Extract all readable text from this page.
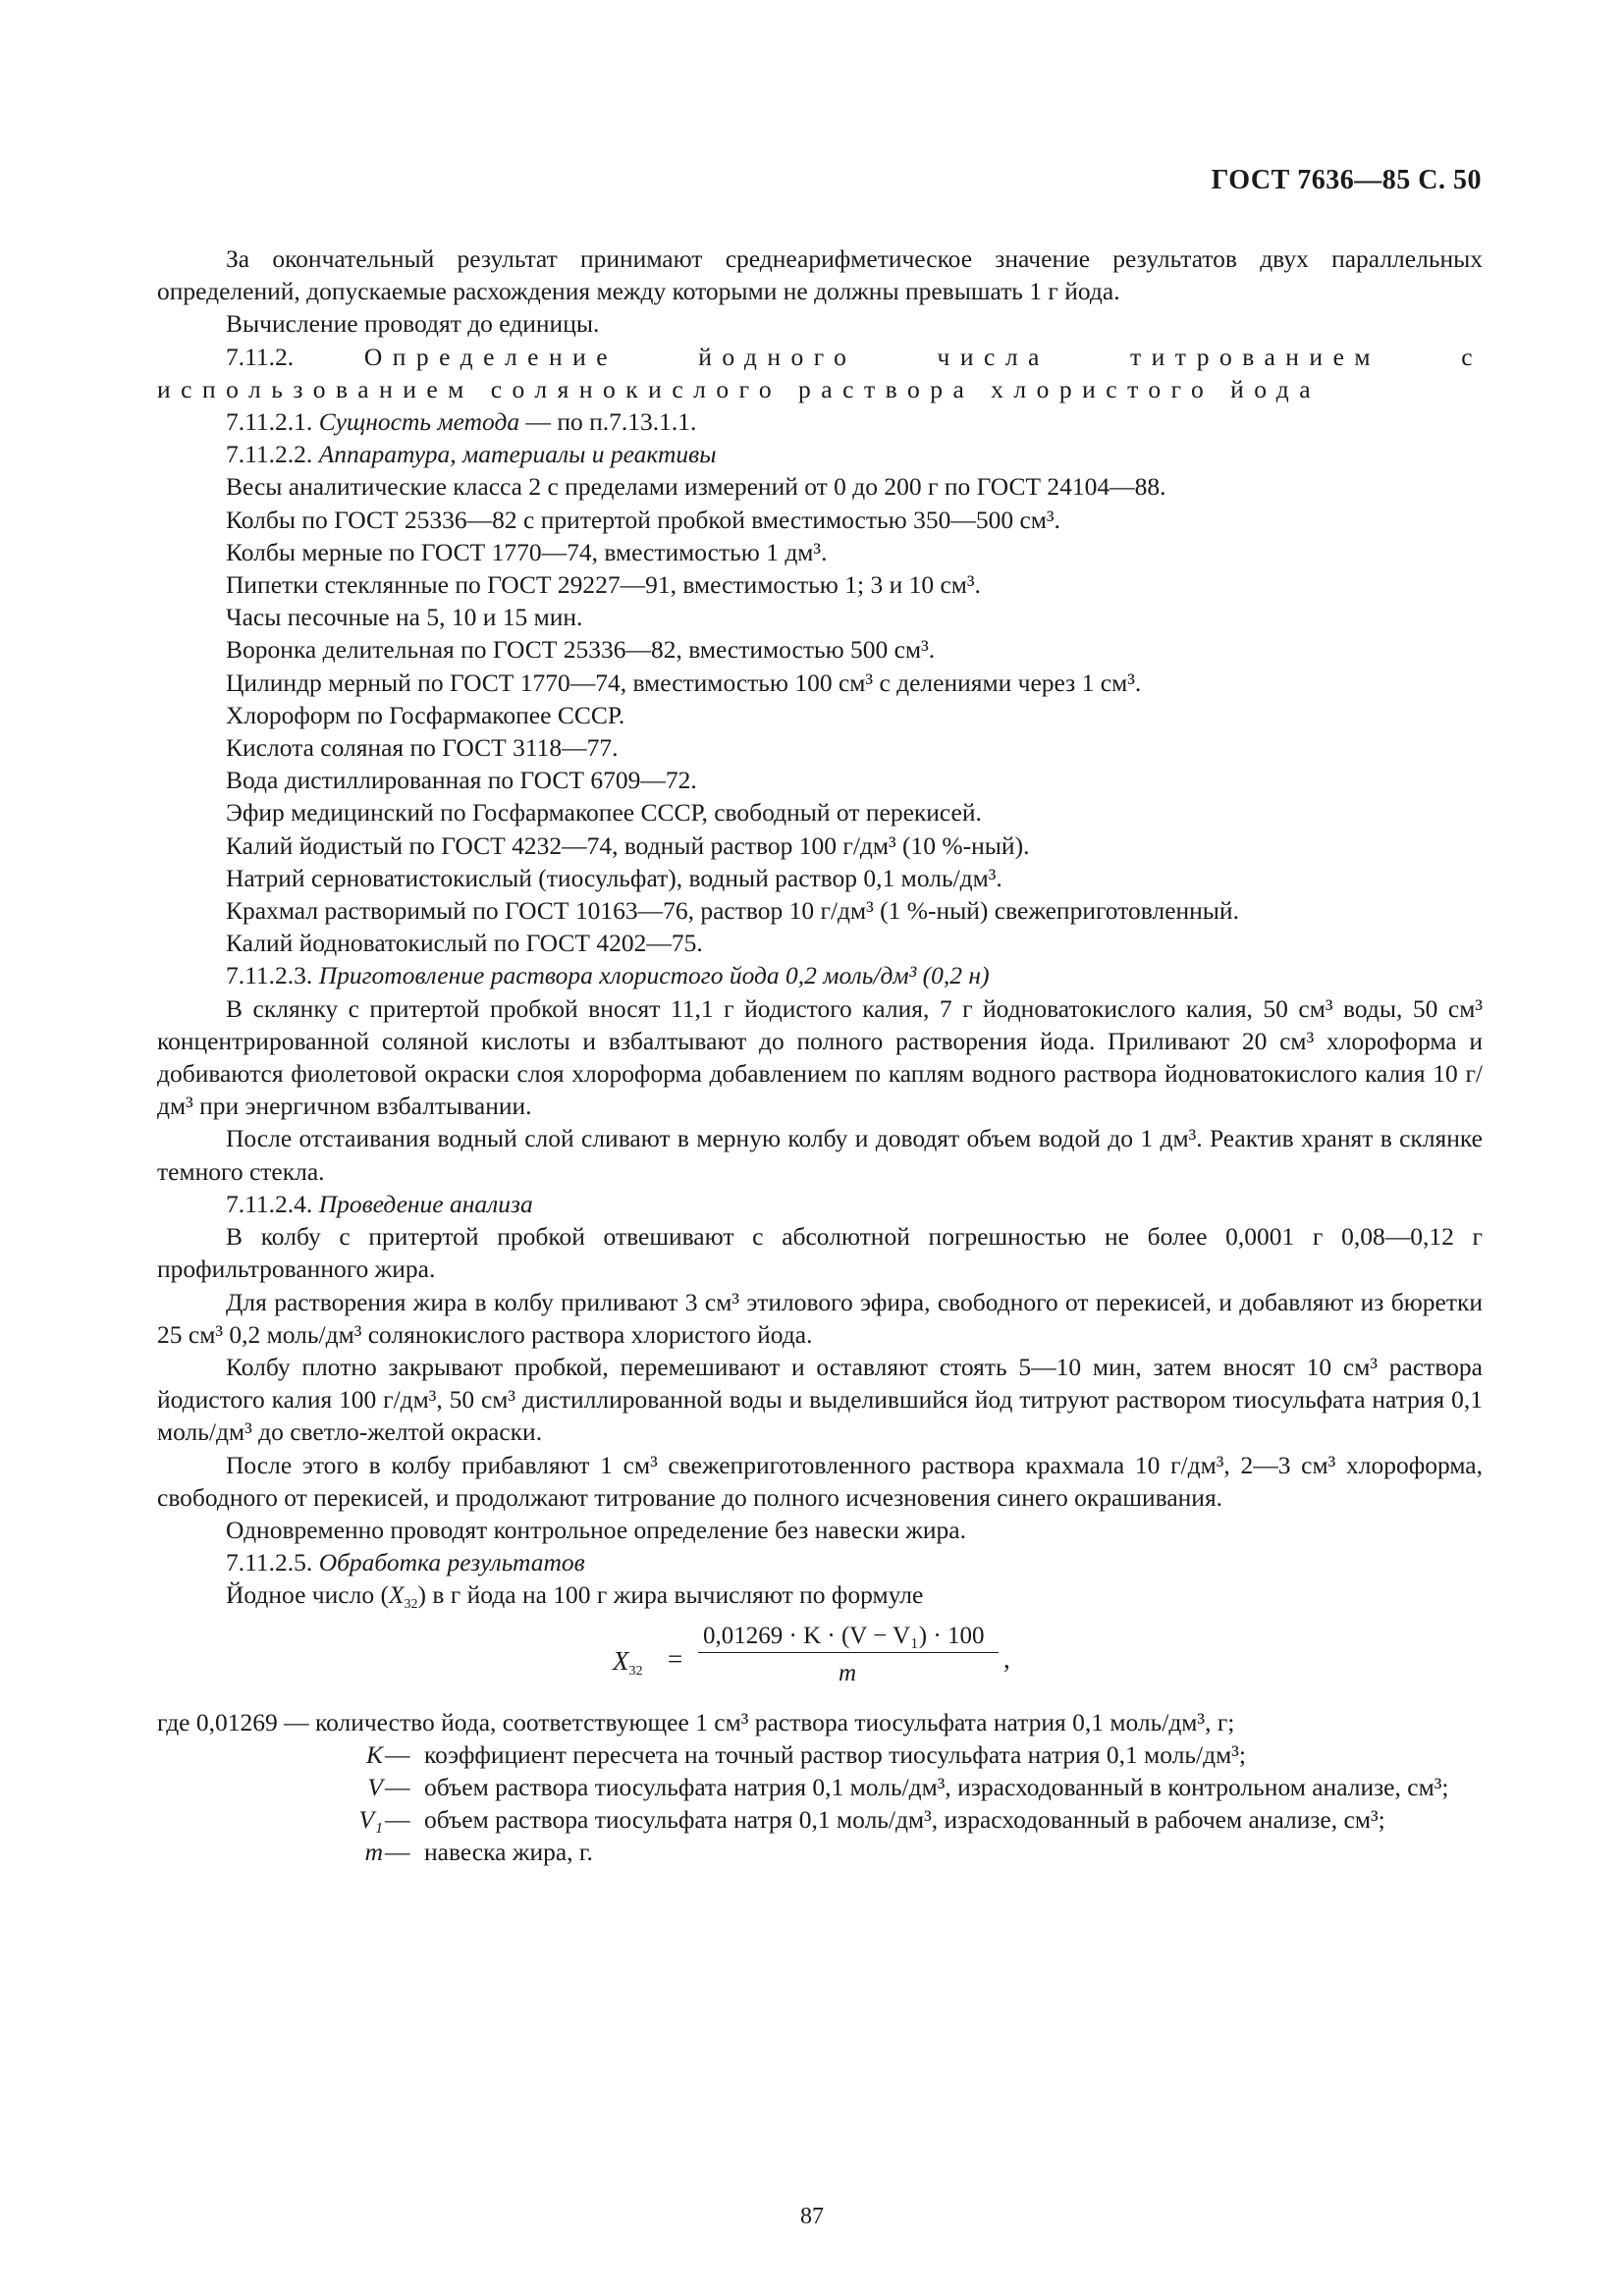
ГОСТ 7636—85 С. 50

За окончательный результат принимают среднеарифметическое значение результатов двух параллельных определений, допускаемые расхождения между которыми не должны превышать 1 г йода.

Вычисление проводят до единицы.

7.11.2.	Определение йодного числа титрованием с использованием солянокислого раствора хлористого йода

7.11.2.1. Сущность метода — по п.7.13.1.1.

7.11.2.2. Аппаратура, материалы и реактивы

Весы аналитические класса 2 с пределами измерений от 0 до 200 г по ГОСТ 24104—88.

Колбы по ГОСТ 25336—82 с притертой пробкой вместимостью 350—500 см³.

Колбы мерные по ГОСТ 1770—74, вместимостью 1 дм³.

Пипетки стеклянные по ГОСТ 29227—91, вместимостью 1; 3 и 10 см³.

Часы песочные на 5, 10 и 15 мин.

Воронка делительная по ГОСТ 25336—82, вместимостью 500 см³.

Цилиндр мерный по ГОСТ 1770—74, вместимостью 100 см³ с делениями через 1 см³.

Хлороформ по Госфармакопее СССР.

Кислота соляная по ГОСТ 3118—77.

Вода дистиллированная по ГОСТ 6709—72.

Эфир медицинский по Госфармакопее СССР, свободный от перекисей.

Калий йодистый по ГОСТ 4232—74, водный раствор 100 г/дм³ (10 %-ный).

Натрий серноватистокислый (тиосульфат), водный раствор 0,1 моль/дм³.

Крахмал растворимый по ГОСТ 10163—76, раствор 10 г/дм³ (1 %-ный) свежеприготовленный.

Калий йодноватокислый по ГОСТ 4202—75.

7.11.2.3. Приготовление раствора хлористого йода 0,2 моль/дм³ (0,2 н)

В склянку с притертой пробкой вносят 11,1 г йодистого калия, 7 г йодноватокислого калия, 50 см³ воды, 50 см³ концентрированной соляной кислоты и взбалтывают до полного растворения йода. Приливают 20 см³ хлороформа и добиваются фиолетовой окраски слоя хлороформа добавлением по каплям водного раствора йодноватокислого калия 10 г/дм³ при энергичном взбалтывании.

После отстаивания водный слой сливают в мерную колбу и доводят объем водой до 1 дм³. Реактив хранят в склянке темного стекла.

7.11.2.4. Проведение анализа

В колбу с притертой пробкой отвешивают с абсолютной погрешностью не более 0,0001 г 0,08—0,12 г профильтрованного жира.

Для растворения жира в колбу приливают 3 см³ этилового эфира, свободного от перекисей, и добавляют из бюретки 25 см³ 0,2 моль/дм³ солянокислого раствора хлористого йода.

Колбу плотно закрывают пробкой, перемешивают и оставляют стоять 5—10 мин, затем вносят 10 см³ раствора йодистого калия 100 г/дм³, 50 см³ дистиллированной воды и выделившийся йод титруют раствором тиосульфата натрия 0,1 моль/дм³ до светло-желтой окраски.

После этого в колбу прибавляют 1 см³ свежеприготовленного раствора крахмала 10 г/дм³, 2—3 см³ хлороформа, свободного от перекисей, и продолжают титрование до полного исчезновения синего окрашивания.

Одновременно проводят контрольное определение без навески жира.

7.11.2.5. Обработка результатов

Йодное число $(X_{32})$ в г йода на 100 г жира вычисляют по формуле

$X_{32}$ =
0,01269 · K · (V − V₁) · 100
m	,

где 0,01269 — количество йода, соответствующее 1 см³ раствора тиосульфата натрия 0,1 моль/дм³, г;

K — коэффициент пересчета на точный раствор тиосульфата натрия 0,1 моль/дм³;
V — объем раствора тиосульфата натрия 0,1 моль/дм³, израсходованный в контрольном анализе, см³;
V₁ — объем раствора тиосульфата натря 0,1 моль/дм³, израсходованный в рабочем анализе, см³;
m — навеска жира, г.
87
